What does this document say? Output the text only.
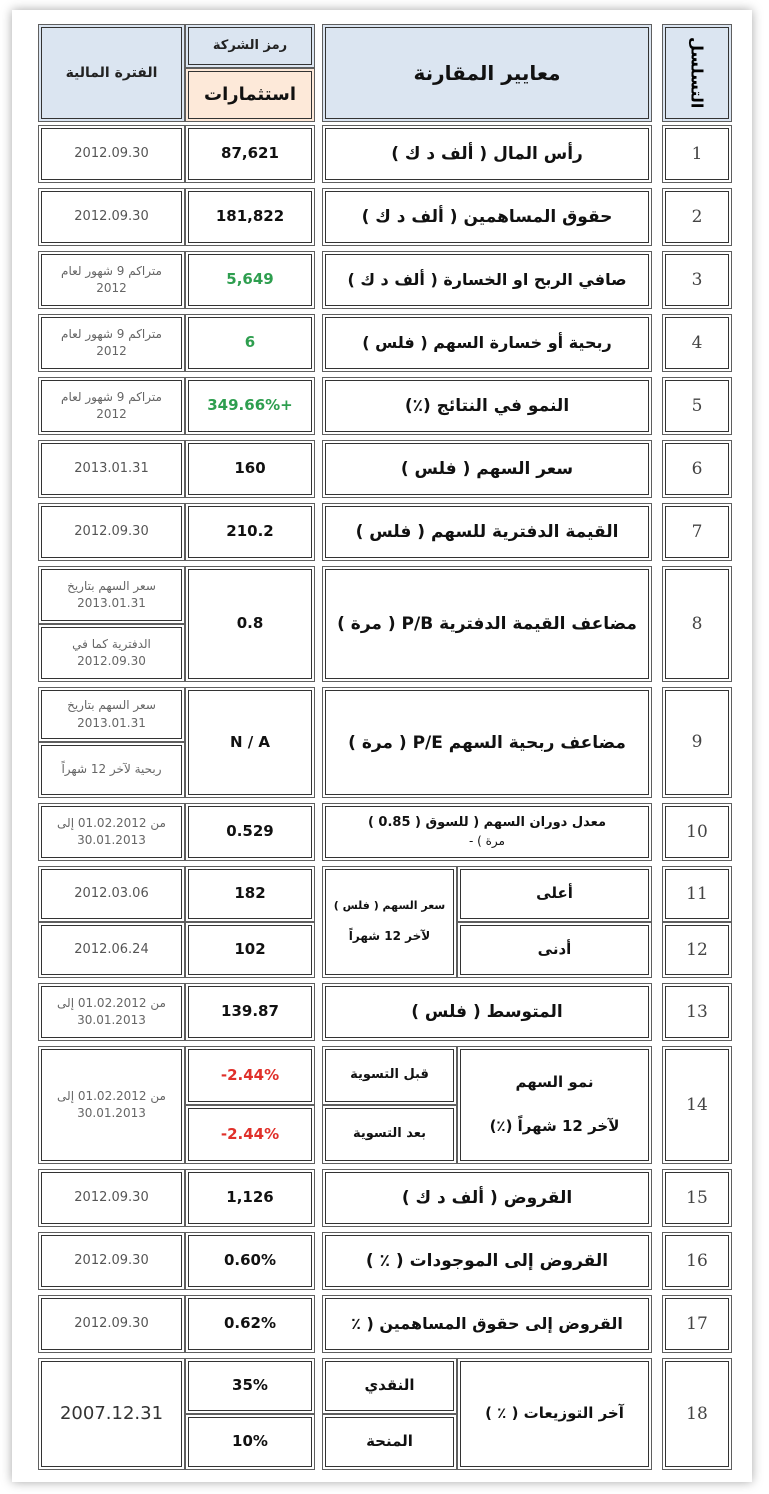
التسلسل
معايير المقارنة
رمز الشركة
استثمارات
الفترة المالية
1
رأس المال ( ألف د ك )
87,621
2012.09.30
2
حقوق المساهمين ( ألف د ك )
181,822
2012.09.30
3
صافي الربح او الخسارة ( ألف د ك )
5,649
متراكم 9 شهور لعام 2012
4
ربحية أو خسارة السهم ( فلس )
6
متراكم 9 شهور لعام 2012
5
النمو في النتائج (٪)
349.66%+
متراكم 9 شهور لعام 2012
6
سعر السهم ( فلس )
160
2013.01.31
7
القيمة الدفترية للسهم ( فلس )
210.2
2012.09.30
8
مضاعف القيمة الدفترية P/B ( مرة )
0.8
سعر السهم بتاريخ 2013.01.31
الدفترية كما في 2012.09.30
9
مضاعف ربحية السهم P/E ( مرة )
N / A
سعر السهم بتاريخ 2013.01.31
ربحية لآخر 12 شهراً
10
معدل دوران السهم ( للسوق ( 0.85 )
مرة ) -
0.529
من 01.02.2012 إلى 30.01.2013
11
12
أعلى
أدنى
سعر السهم ( فلس )
لآخر 12 شهراً
182
102
2012.03.06
2012.06.24
13
المتوسط ( فلس )
139.87
من 01.02.2012 إلى 30.01.2013
14
نمو السهم
لآخر 12 شهراً (٪)
قبل التسوية
بعد التسوية
-2.44%
-2.44%
من 01.02.2012 إلى 30.01.2013
15
القروض ( ألف د ك )
1,126
2012.09.30
16
القروض إلى الموجودات ( ٪ )
0.60%
2012.09.30
17
القروض إلى حقوق المساهمين ( ٪
0.62%
2012.09.30
18
آخر التوزيعات ( ٪ )
النقدي
المنحة
35%
10%
2007.12.31
